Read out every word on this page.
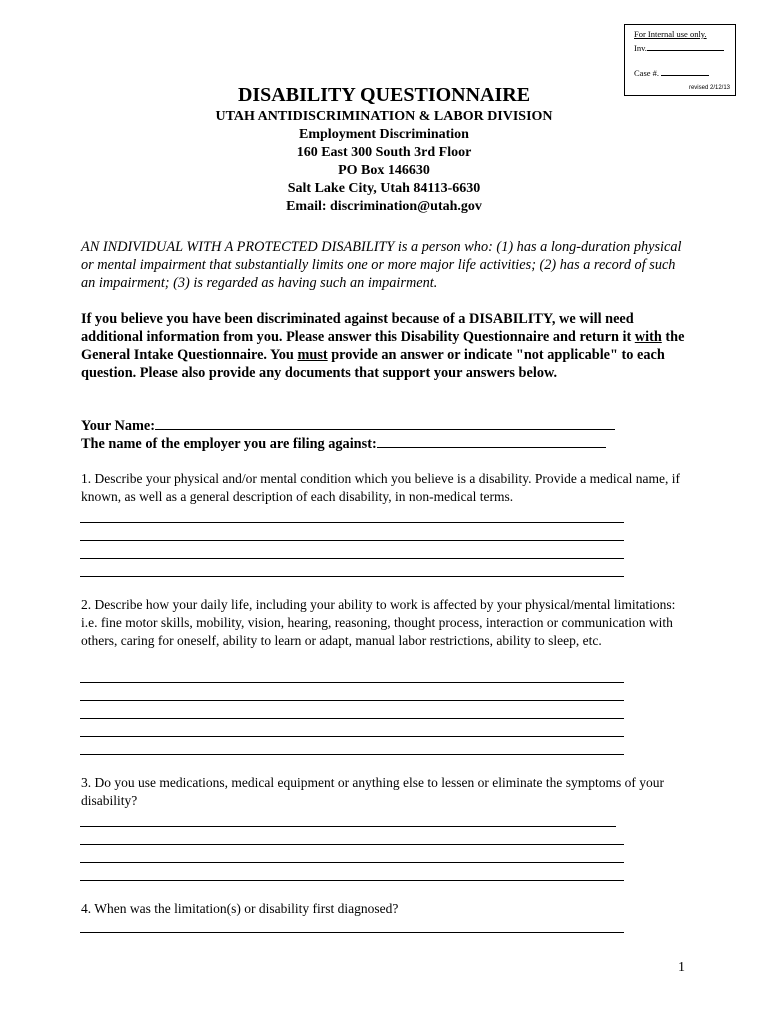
For Internal use only.
Inv.
Case #.
revised 2/12/13
DISABILITY QUESTIONNAIRE
UTAH ANTIDISCRIMINATION & LABOR DIVISION
Employment Discrimination
160 East 300 South 3rd Floor
PO Box 146630
Salt Lake City, Utah 84113-6630
Email: discrimination@utah.gov
AN INDIVIDUAL WITH A PROTECTED DISABILITY is a person who: (1) has a long-duration physical or mental impairment that substantially limits one or more major life activities; (2) has a record of such an impairment; (3) is regarded as having such an impairment.
If you believe you have been discriminated against because of a DISABILITY, we will need additional information from you. Please answer this Disability Questionnaire and return it with the General Intake Questionnaire. You must provide an answer or indicate "not applicable" to each question. Please also provide any documents that support your answers below.
Your Name:
The name of the employer you are filing against:
1. Describe your physical and/or mental condition which you believe is a disability. Provide a medical name, if known, as well as a general description of each disability, in non-medical terms.
2. Describe how your daily life, including your ability to work is affected by your physical/mental limitations: i.e. fine motor skills, mobility, vision, hearing, reasoning, thought process, interaction or communication with others, caring for oneself, ability to learn or adapt, manual labor restrictions, ability to sleep, etc.
3. Do you use medications, medical equipment or anything else to lessen or eliminate the symptoms of your disability?
4. When was the limitation(s) or disability first diagnosed?
1
